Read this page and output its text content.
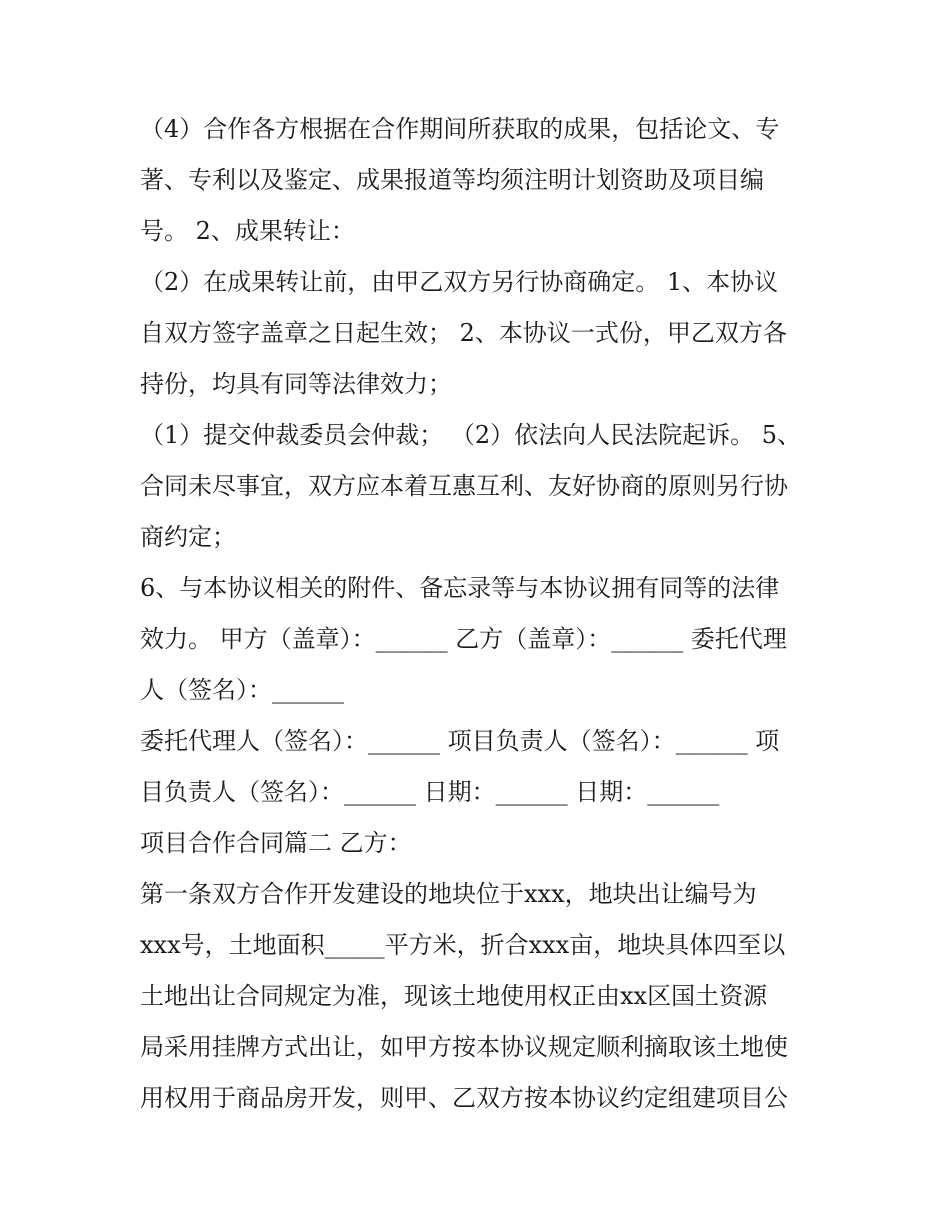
（4）合作各方根据在合作期间所获取的成果，包括论文、专
著、专利以及鉴定、成果报道等均须注明计划资助及项目编
号。 2、成果转让：
（2）在成果转让前，由甲乙双方另行协商确定。 1、本协议
自双方签字盖章之日起生效； 2、本协议一式份，甲乙双方各
持份，均具有同等法律效力；
（1）提交仲裁委员会仲裁； （2）依法向人民法院起诉。 5、
合同未尽事宜，双方应本着互惠互利、友好协商的原则另行协
商约定；
6、与本协议相关的附件、备忘录等与本协议拥有同等的法律
效力。 甲方（盖章）：______ 乙方（盖章）：______ 委托代理
人（签名）：______
委托代理人（签名）：______ 项目负责人（签名）：______ 项
目负责人（签名）：______ 日期：______ 日期：______
项目合作合同篇二 乙方：
第一条双方合作开发建设的地块位于xxx，地块出让编号为
xxx号，土地面积_____平方米，折合xxx亩，地块具体四至以
土地出让合同规定为准，现该土地使用权正由xx区国土资源
局采用挂牌方式出让，如甲方按本协议规定顺利摘取该土地使
用权用于商品房开发，则甲、乙双方按本协议约定组建项目公
